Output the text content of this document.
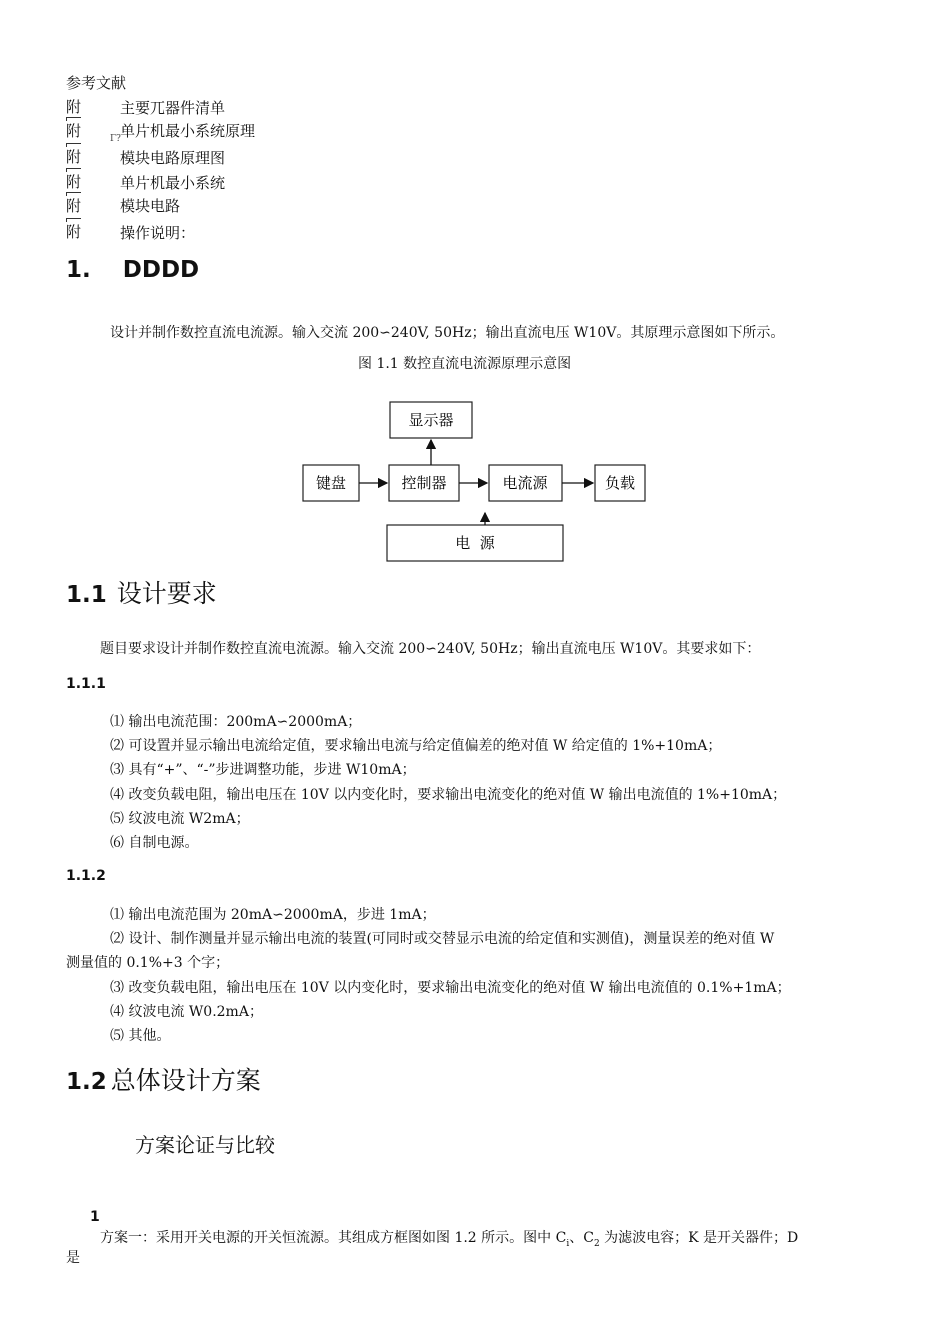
参考文献
附	主要兀器件清单
附	单片机最小系统原理
Г?
附	模块电路原理图
附	单片机最小系统
附	模块电路
附	操作说明：
1.    DDDD
设计并制作数控直流电流源。输入交流 200∽240V, 50Hz；输出直流电压 W10V。其原理示意图如下所示。
图 1.1 数控直流电流源原理示意图
显示器
键盘	控制器	电流源	负载
电  源
1.1 设计要求
题目要求设计并制作数控直流电流源。输入交流 200∽240V, 50Hz；输出直流电压 W10V。其要求如下：
1.1.1
⑴ 输出电流范围：200mA∽2000mA；
⑵ 可设置并显示输出电流给定值，要求输出电流与给定值偏差的绝对值 W 给定值的 1%+10mA；
⑶ 具有“+”、“-”步进调整功能，步进 W10mA；
⑷ 改变负载电阻，输出电压在 10V 以内变化时，要求输出电流变化的绝对值 W 输出电流值的 1%+10mA；
⑸ 纹波电流 W2mA；
⑹ 自制电源。
1.1.2
⑴ 输出电流范围为 20mA∽2000mA，步进 1mA；
⑵ 设计、制作测量并显示输出电流的装置(可同时或交替显示电流的给定值和实测值)，测量误差的绝对值 W
测量值的 0.1%+3 个字；
⑶ 改变负载电阻，输出电压在 10V 以内变化时，要求输出电流变化的绝对值 W 输出电流值的 0.1%+1mA；
⑷ 纹波电流 W0.2mA；
⑸ 其他。
1.2 总体设计方案
方案论证与比较
1
方案一：采用开关电源的开关恒流源。其组成方框图如图 1.2 所示。图中 $C_i$、$C_2$ 为滤波电容；K 是开关器件；D
是
